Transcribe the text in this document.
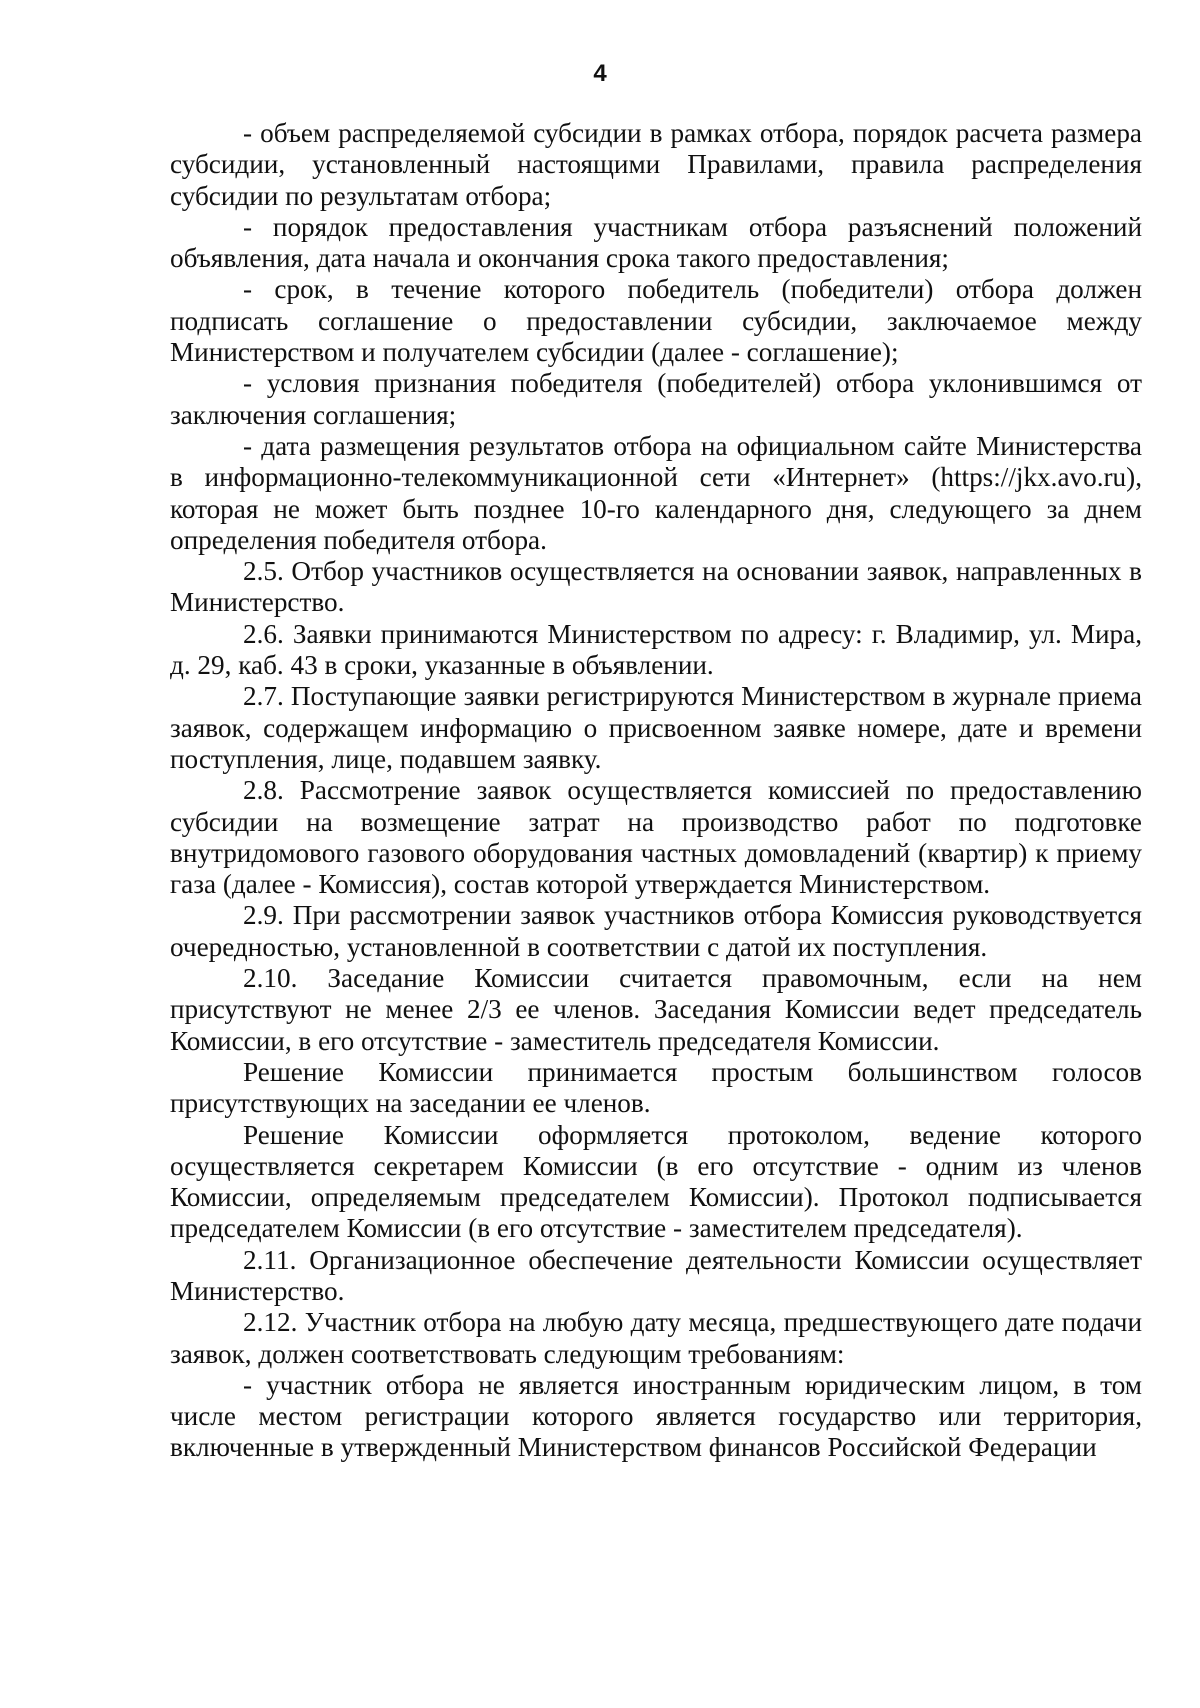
4

- объем распределяемой субсидии в рамках отбора, порядок расчета размера субсидии, установленный настоящими Правилами, правила распределения субсидии по результатам отбора;

- порядок предоставления участникам отбора разъяснений положений объявления, дата начала и окончания срока такого предоставления;

- срок, в течение которого победитель (победители) отбора должен подписать соглашение о предоставлении субсидии, заключаемое между Министерством и получателем субсидии (далее - соглашение);

- условия признания победителя (победителей) отбора уклонившимся от заключения соглашения;

- дата размещения результатов отбора на официальном сайте Министерства в информационно-телекоммуникационной сети «Интернет» (https://jkx.avo.ru), которая не может быть позднее 10-го календарного дня, следующего за днем определения победителя отбора.

2.5. Отбор участников осуществляется на основании заявок, направленных в Министерство.

2.6. Заявки принимаются Министерством по адресу: г. Владимир, ул. Мира, д. 29, каб. 43 в сроки, указанные в объявлении.

2.7. Поступающие заявки регистрируются Министерством в журнале приема заявок, содержащем информацию о присвоенном заявке номере, дате и времени поступления, лице, подавшем заявку.

2.8. Рассмотрение заявок осуществляется комиссией по предоставлению субсидии на возмещение затрат на производство работ по подготовке внутридомового газового оборудования частных домовладений (квартир) к приему газа (далее - Комиссия), состав которой утверждается Министерством.

2.9. При рассмотрении заявок участников отбора Комиссия руководствуется очередностью, установленной в соответствии с датой их поступления.

2.10. Заседание Комиссии считается правомочным, если на нем присутствуют не менее 2/3 ее членов. Заседания Комиссии ведет председатель Комиссии, в его отсутствие - заместитель председателя Комиссии.

Решение Комиссии принимается простым большинством голосов присутствующих на заседании ее членов.

Решение Комиссии оформляется протоколом, ведение которого осуществляется секретарем Комиссии (в его отсутствие - одним из членов Комиссии, определяемым председателем Комиссии). Протокол подписывается председателем Комиссии (в его отсутствие - заместителем председателя).

2.11. Организационное обеспечение деятельности Комиссии осуществляет Министерство.

2.12. Участник отбора на любую дату месяца, предшествующего дате подачи заявок, должен соответствовать следующим требованиям:

- участник отбора не является иностранным юридическим лицом, в том числе местом регистрации которого является государство или территория, включенные в утвержденный Министерством финансов Российской Федерации
